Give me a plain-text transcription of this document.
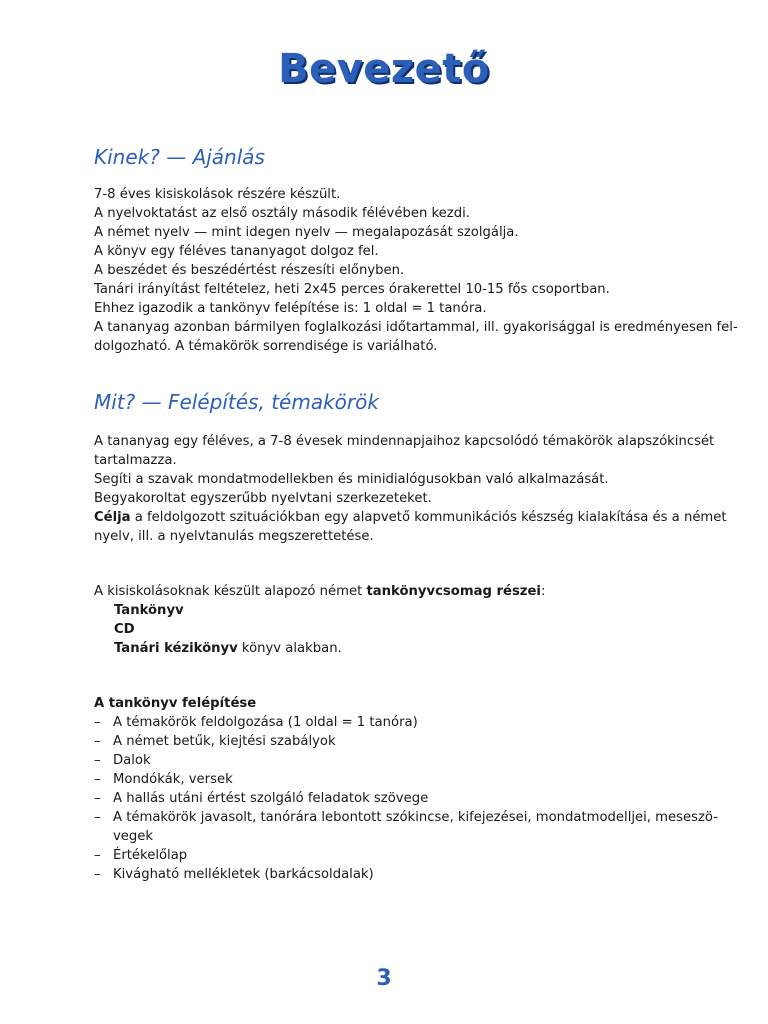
Bevezető
Kinek? — Ajánlás
7-8 éves kisiskolások részére készült.
A nyelvoktatást az első osztály második félévében kezdi.
A német nyelv — mint idegen nyelv — megalapozását szolgálja.
A könyv egy féléves tananyagot dolgoz fel.
A beszédet és beszédértést részesíti előnyben.
Tanári irányítást feltételez, heti 2x45 perces órakerettel 10-15 fős csoportban.
Ehhez igazodik a tankönyv felépítése is: 1 oldal = 1 tanóra.
A tananyag azonban bármilyen foglalkozási időtartammal, ill. gyakorisággal is eredményesen fel-
dolgozható. A témakörök sorrendisége is variálható.
Mit? — Felépítés, témakörök
A tananyag egy féléves, a 7-8 évesek mindennapjaihoz kapcsolódó témakörök alapszókincsét
tartalmazza.
Segíti a szavak mondatmodellekben és minidialógusokban való alkalmazását.
Begyakoroltat egyszerűbb nyelvtani szerkezeteket.
Célja a feldolgozott szituációkban egy alapvető kommunikációs készség kialakítása és a német
nyelv, ill. a nyelvtanulás megszerettetése.
A kisiskolásoknak készült alapozó német tankönyvcsomag részei:
Tankönyv
CD
Tanári kézikönyv könyv alakban.
A tankönyv felépítése
– A témakörök feldolgozása (1 oldal = 1 tanóra)
– A német betűk, kiejtési szabályok
– Dalok
– Mondókák, versek
– A hallás utáni értést szolgáló feladatok szövege
– A témakörök javasolt, tanórára lebontott szókincse, kifejezései, mondatmodelljei, meseszö-
vegek
– Értékelőlap
– Kivágható mellékletek (barkácsoldalak)
3
